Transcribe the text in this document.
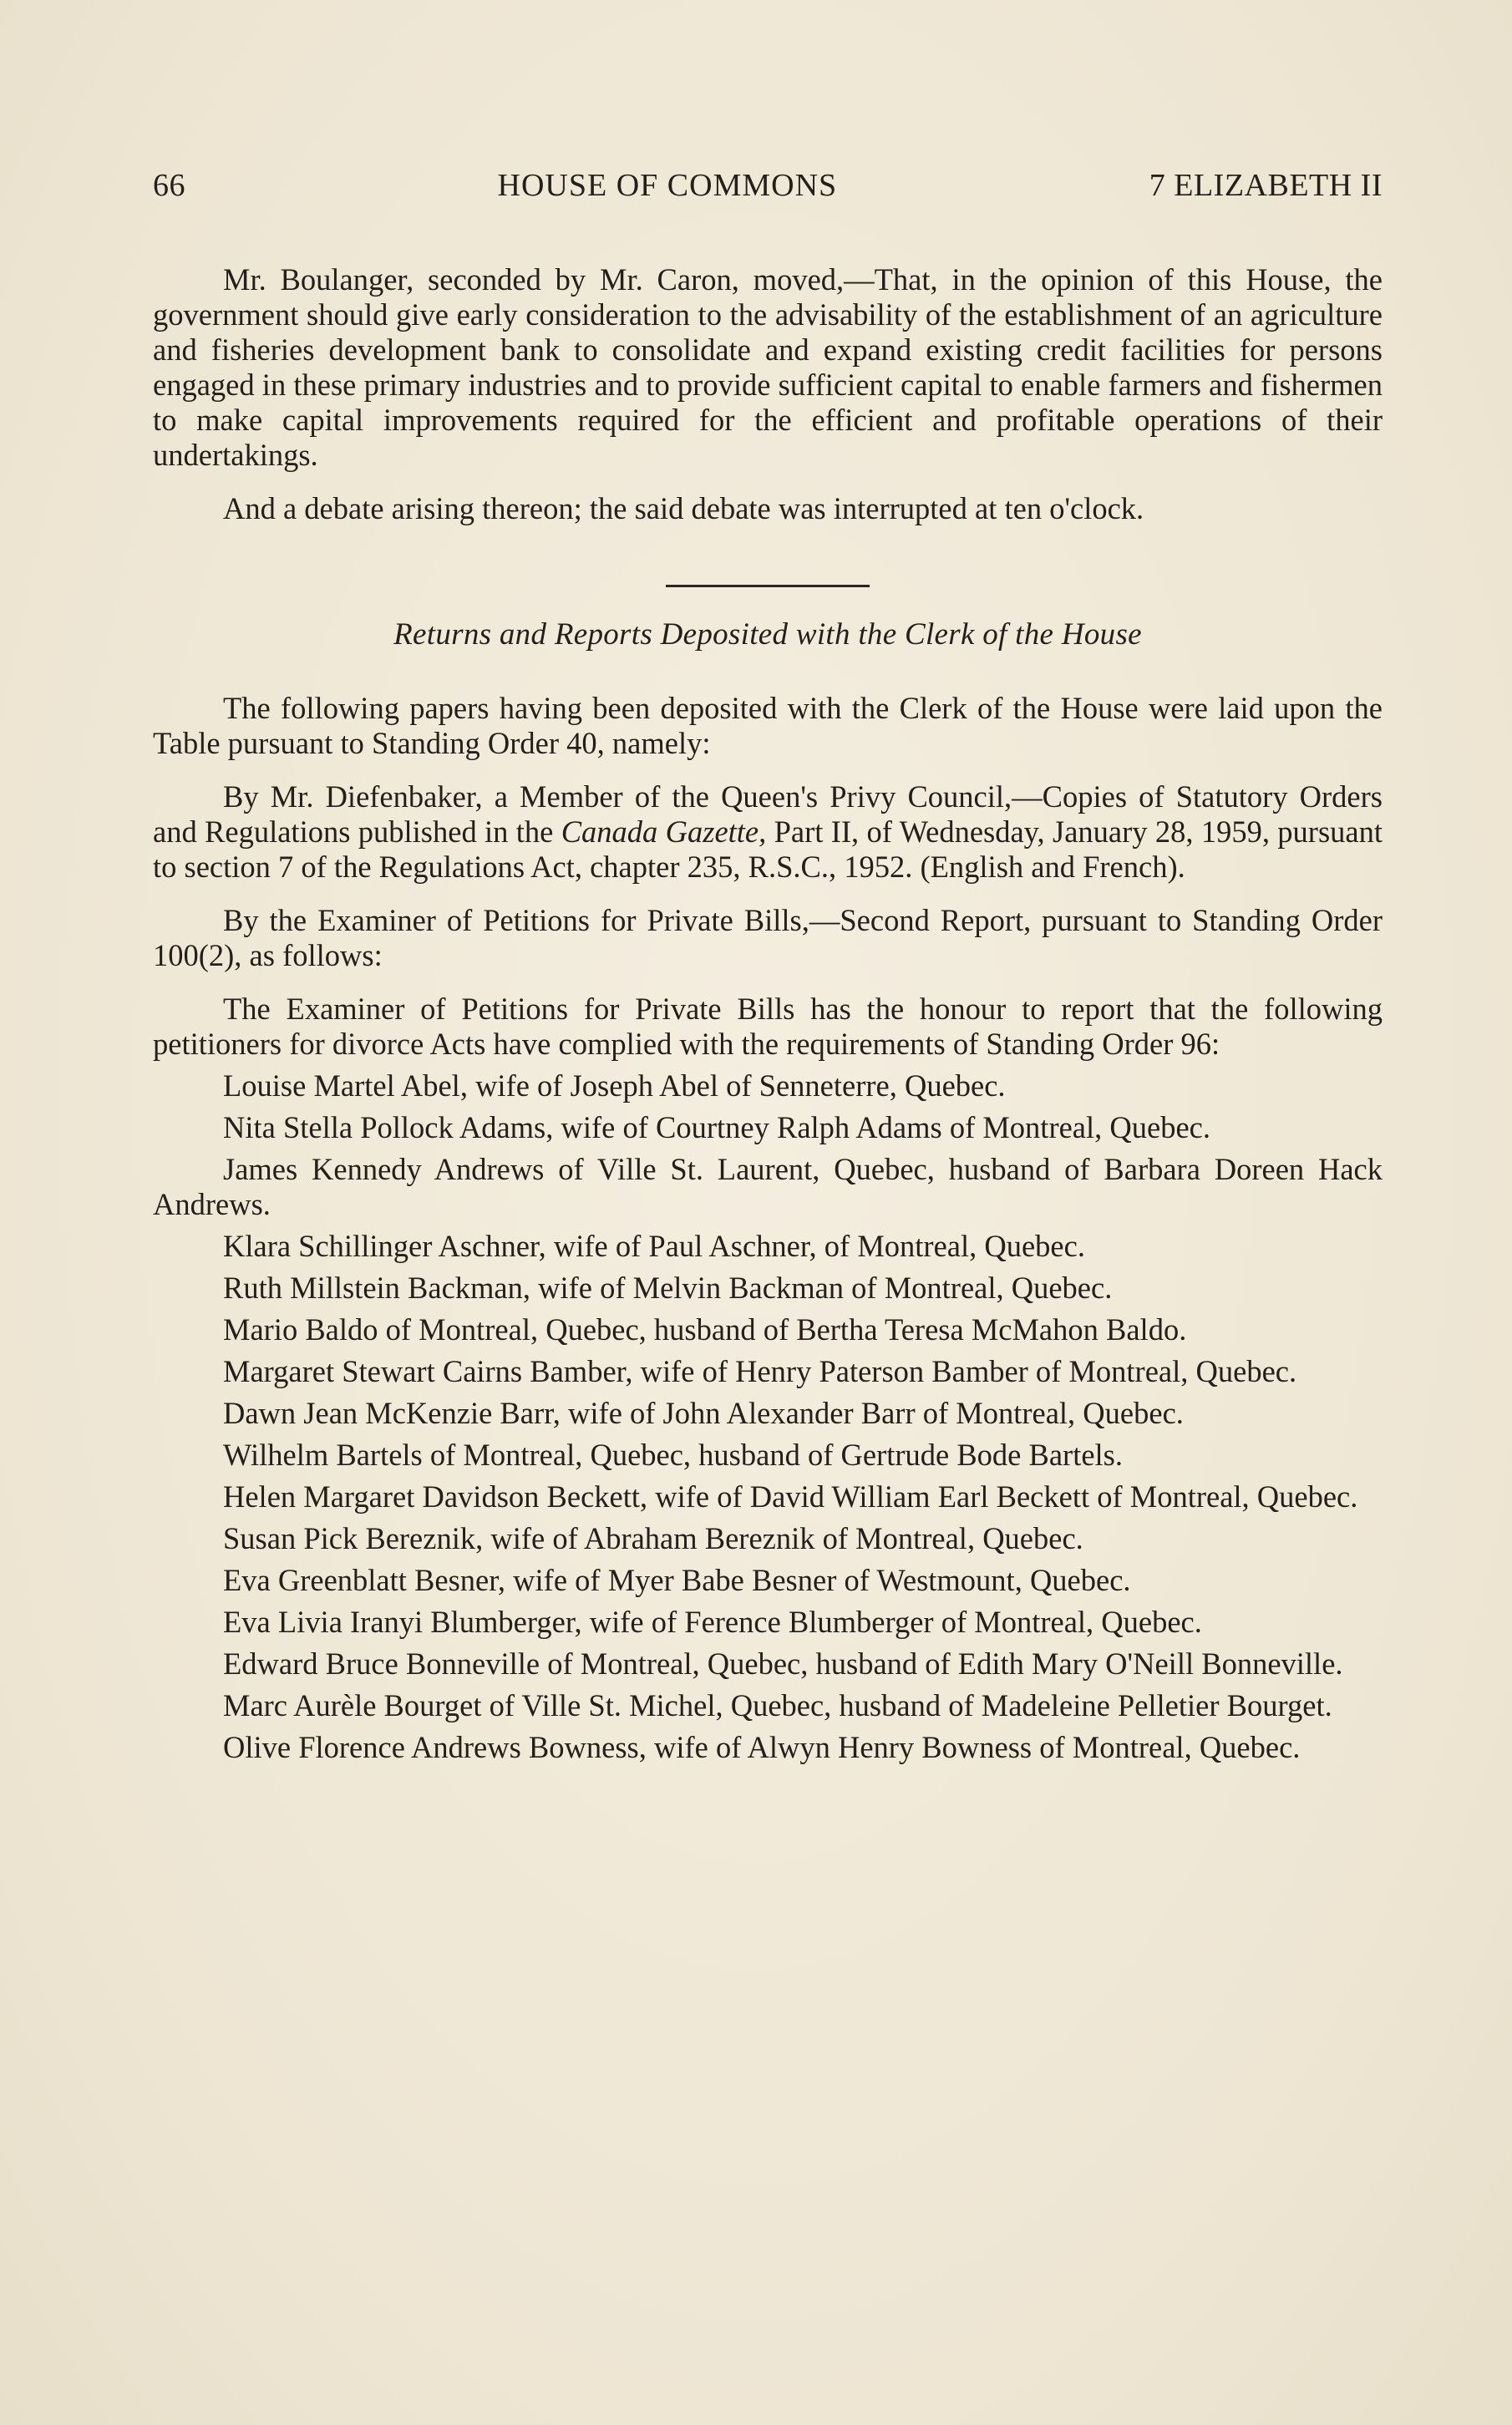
66	HOUSE OF COMMONS	7 ELIZABETH II

Mr. Boulanger, seconded by Mr. Caron, moved,—That, in the opinion of this House, the government should give early consideration to the advisability of the establishment of an agriculture and fisheries development bank to consolidate and expand existing credit facilities for persons engaged in these primary industries and to provide sufficient capital to enable farmers and fishermen to make capital improvements required for the efficient and profitable operations of their undertakings.

And a debate arising thereon; the said debate was interrupted at ten o'clock.

Returns and Reports Deposited with the Clerk of the House

The following papers having been deposited with the Clerk of the House were laid upon the Table pursuant to Standing Order 40, namely:

By Mr. Diefenbaker, a Member of the Queen's Privy Council,—Copies of Statutory Orders and Regulations published in the Canada Gazette, Part II, of Wednesday, January 28, 1959, pursuant to section 7 of the Regulations Act, chapter 235, R.S.C., 1952. (English and French).

By the Examiner of Petitions for Private Bills,—Second Report, pursuant to Standing Order 100(2), as follows:

The Examiner of Petitions for Private Bills has the honour to report that the following petitioners for divorce Acts have complied with the requirements of Standing Order 96:

Louise Martel Abel, wife of Joseph Abel of Senneterre, Quebec.

Nita Stella Pollock Adams, wife of Courtney Ralph Adams of Montreal, Quebec.

James Kennedy Andrews of Ville St. Laurent, Quebec, husband of Barbara Doreen Hack Andrews.

Klara Schillinger Aschner, wife of Paul Aschner, of Montreal, Quebec.

Ruth Millstein Backman, wife of Melvin Backman of Montreal, Quebec.

Mario Baldo of Montreal, Quebec, husband of Bertha Teresa McMahon Baldo.

Margaret Stewart Cairns Bamber, wife of Henry Paterson Bamber of Montreal, Quebec.

Dawn Jean McKenzie Barr, wife of John Alexander Barr of Montreal, Quebec.

Wilhelm Bartels of Montreal, Quebec, husband of Gertrude Bode Bartels.

Helen Margaret Davidson Beckett, wife of David William Earl Beckett of Montreal, Quebec.

Susan Pick Bereznik, wife of Abraham Bereznik of Montreal, Quebec.

Eva Greenblatt Besner, wife of Myer Babe Besner of Westmount, Quebec.

Eva Livia Iranyi Blumberger, wife of Ference Blumberger of Montreal, Quebec.

Edward Bruce Bonneville of Montreal, Quebec, husband of Edith Mary O'Neill Bonneville.

Marc Aurèle Bourget of Ville St. Michel, Quebec, husband of Madeleine Pelletier Bourget.

Olive Florence Andrews Bowness, wife of Alwyn Henry Bowness of Montreal, Quebec.
